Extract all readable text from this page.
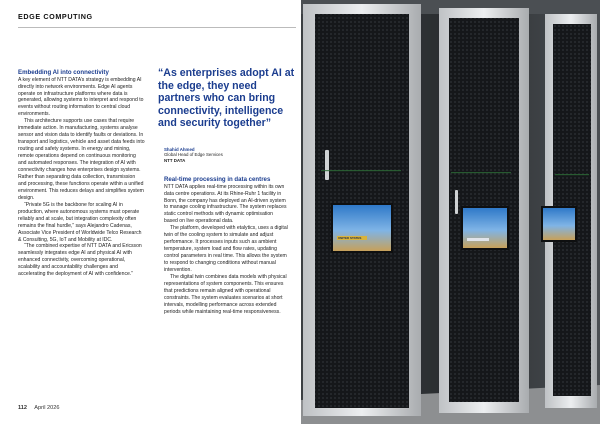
EDGE COMPUTING

Embedding AI into connectivity

A key element of NTT DATA’s strategy is embedding AI directly into network environments. Edge AI agents operate on infrastructure platforms where data is generated, allowing systems to interpret and respond to events without routing information to central cloud environments.

This architecture supports use cases that require immediate action. In manufacturing, systems analyse sensor and vision data to identify faults or deviations. In transport and logistics, vehicle and asset data feeds into routing and safety systems. In energy and mining, remote operations depend on continuous monitoring and automated responses. The integration of AI with connectivity changes how enterprises design systems. Rather than separating data collection, transmission and processing, these functions operate within a unified environment. This reduces delays and simplifies system design.

“Private 5G is the backbone for scaling AI in production, where autonomous systems must operate reliably and at scale, but integration complexity often remains the final hurdle,” says Alejandro Cadenas, Associate Vice President of Worldwide Telco Research & Consulting, 5G, IoT and Mobility at IDC.

“The combined expertise of NTT DATA and Ericsson seamlessly integrates edge AI and physical AI with enhanced connectivity, overcoming operational, scalability and accountability challenges and accelerating the deployment of AI with confidence.”

“As enterprises adopt AI at the edge, they need partners who can bring connectivity, intelligence and security together”
Shahid Ahmed
Global Head of Edge Services
NTT DATA

Real-time processing in data centres

NTT DATA applies real-time processing within its own data centre operations. At its Rhine-Ruhr 1 facility in Bonn, the company has deployed an AI-driven system to manage cooling infrastructure. The system replaces static control methods with dynamic optimisation based on live operational data.

The platform, developed with etalytics, uses a digital twin of the cooling system to simulate and adjust performance. It processes inputs such as ambient temperature, system load and flow rates, updating control parameters in real time. This allows the system to respond to changing conditions without manual intervention.

The digital twin combines data models with physical representations of system components. This ensures that predictions remain aligned with operational constraints. The system evaluates scenarios at short intervals, modelling performance across extended periods while maintaining real-time responsiveness.

112 April 2026
UNITED STATES
